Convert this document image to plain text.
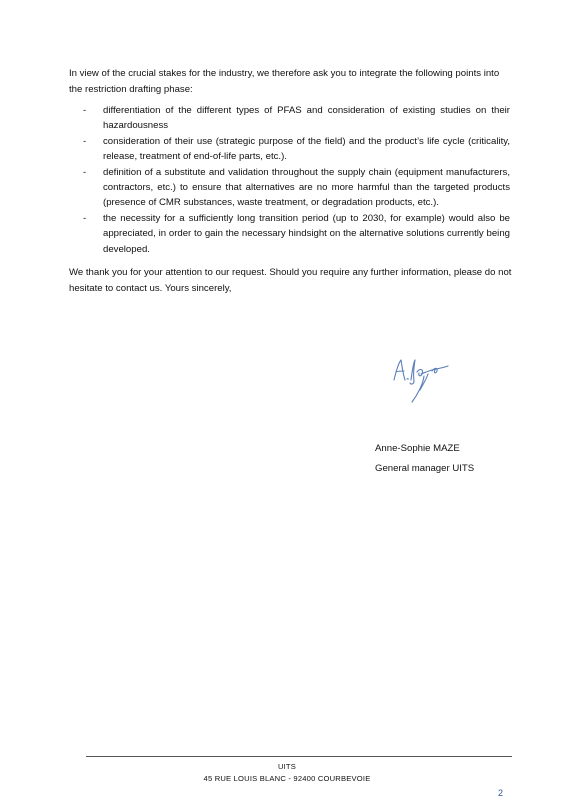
In view of the crucial stakes for the industry, we therefore ask you to integrate the following points into the restriction drafting phase:

- differentiation of the different types of PFAS and consideration of existing studies on their hazardousness
- consideration of their use (strategic purpose of the field) and the product’s life cycle (criticality, release, treatment of end-of-life parts, etc.).
- definition of a substitute and validation throughout the supply chain (equipment manufacturers, contractors, etc.) to ensure that alternatives are no more harmful than the targeted products (presence of CMR substances, waste treatment, or degradation products, etc.).
- the necessity for a sufficiently long transition period (up to 2030, for example) would also be appreciated, in order to gain the necessary hindsight on the alternative solutions currently being developed.

We thank you for your attention to our request. Should you require any further information, please do not hesitate to contact us. Yours sincerely,

Anne-Sophie MAZE
General manager UITS
UITS
45 RUE LOUIS BLANC - 92400 COURBEVOIE
2
